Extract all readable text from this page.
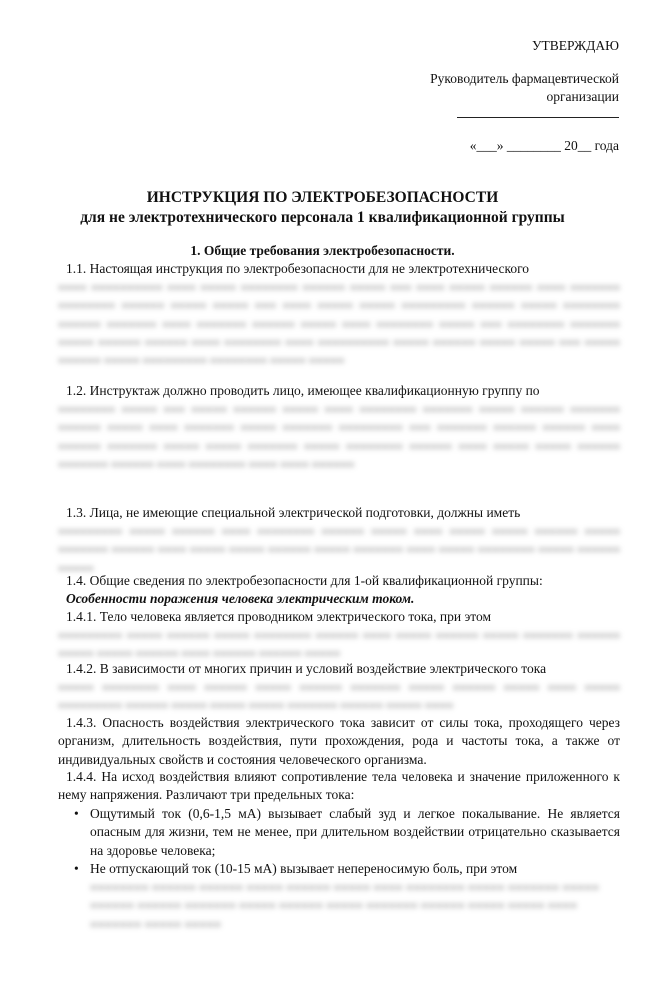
УТВЕРЖДАЮ
Руководитель фармацевтической организации
«___» ________ 20__ года
ИНСТРУКЦИЯ ПО ЭЛЕКТРОБЕЗОПАСНОСТИ
для не электротехнического персонала 1 квалификационной группы
1. Общие требования электробезопасности.
1.1. Настоящая инструкция по электробезопасности для не электротехнического
==== ========== ==== ===== ======== ====== ===== === ==== ===== ====== ==== ======= ======== ====== ===== ===== === ==== ===== ===== ========= ====== ===== ======== ====== ======= ==== ======= ====== ===== ==== ======== ===== === ======== ======= ===== ====== ====== ==== ======== ==== ========== ===== ====== ===== ===== === ===== ====== ===== ========= ======== ===== =====
1.2. Инструктаж должно проводить лицо, имеющее квалификационную группу по
======== ===== === ===== ====== ===== ==== ======== ======= ===== ====== ======= ====== ===== ==== ======= ===== ======= ========= === ======= ====== ====== ==== ====== ======= ===== ===== ======= ===== ======== ====== ==== ===== ===== ====== ======= ====== ==== ======== ==== ==== ======
1.3. Лица, не имеющие специальной электрической подготовки, должны иметь
========= ===== ====== ==== ======== ====== ===== ==== ===== ===== ====== ===== ======= ====== ==== ===== ===== ====== ===== ======= ==== ===== ======== ===== ====== =====
1.4. Общие сведения по электробезопасности для 1-ой квалификационной группы:
Особенности поражения человека электрическим током.
1.4.1. Тело человека является проводником электрического тока, при этом
========= ===== ====== ===== ======== ====== ==== ===== ====== ===== ======= ====== ===== ===== ====== ==== ====== ====== =====
1.4.2. В зависимости от многих причин и условий воздействие электрического тока
===== ======== ==== ====== ===== ====== ======= ===== ====== ===== ==== ===== ========= ====== ===== ===== ===== ======= ====== ===== ====
1.4.3. Опасность воздействия электрического тока зависит от силы тока, проходящего через организм, длительность воздействия, пути прохождения, рода и частоты тока, а также от индивидуальных свойств и состояния человеческого организма.
1.4.4. На исход воздействия влияют сопротивление тела человека и значение приложенного к нему напряжения. Различают три предельных тока:
• Ощутимый ток (0,6-1,5 мА) вызывает слабый зуд и легкое покалывание. Не является опасным для жизни, тем не менее, при длительном воздействии отрицательно сказывается на здоровье человека;
• Не отпускающий ток (10-15 мА) вызывает непереносимую боль, при этом
======== ====== ====== ===== ====== ===== ==== ======== ===== ======= ===== ====== ====== ======= ===== ====== ===== ======= ====== ===== ===== ==== ======= ===== =====
